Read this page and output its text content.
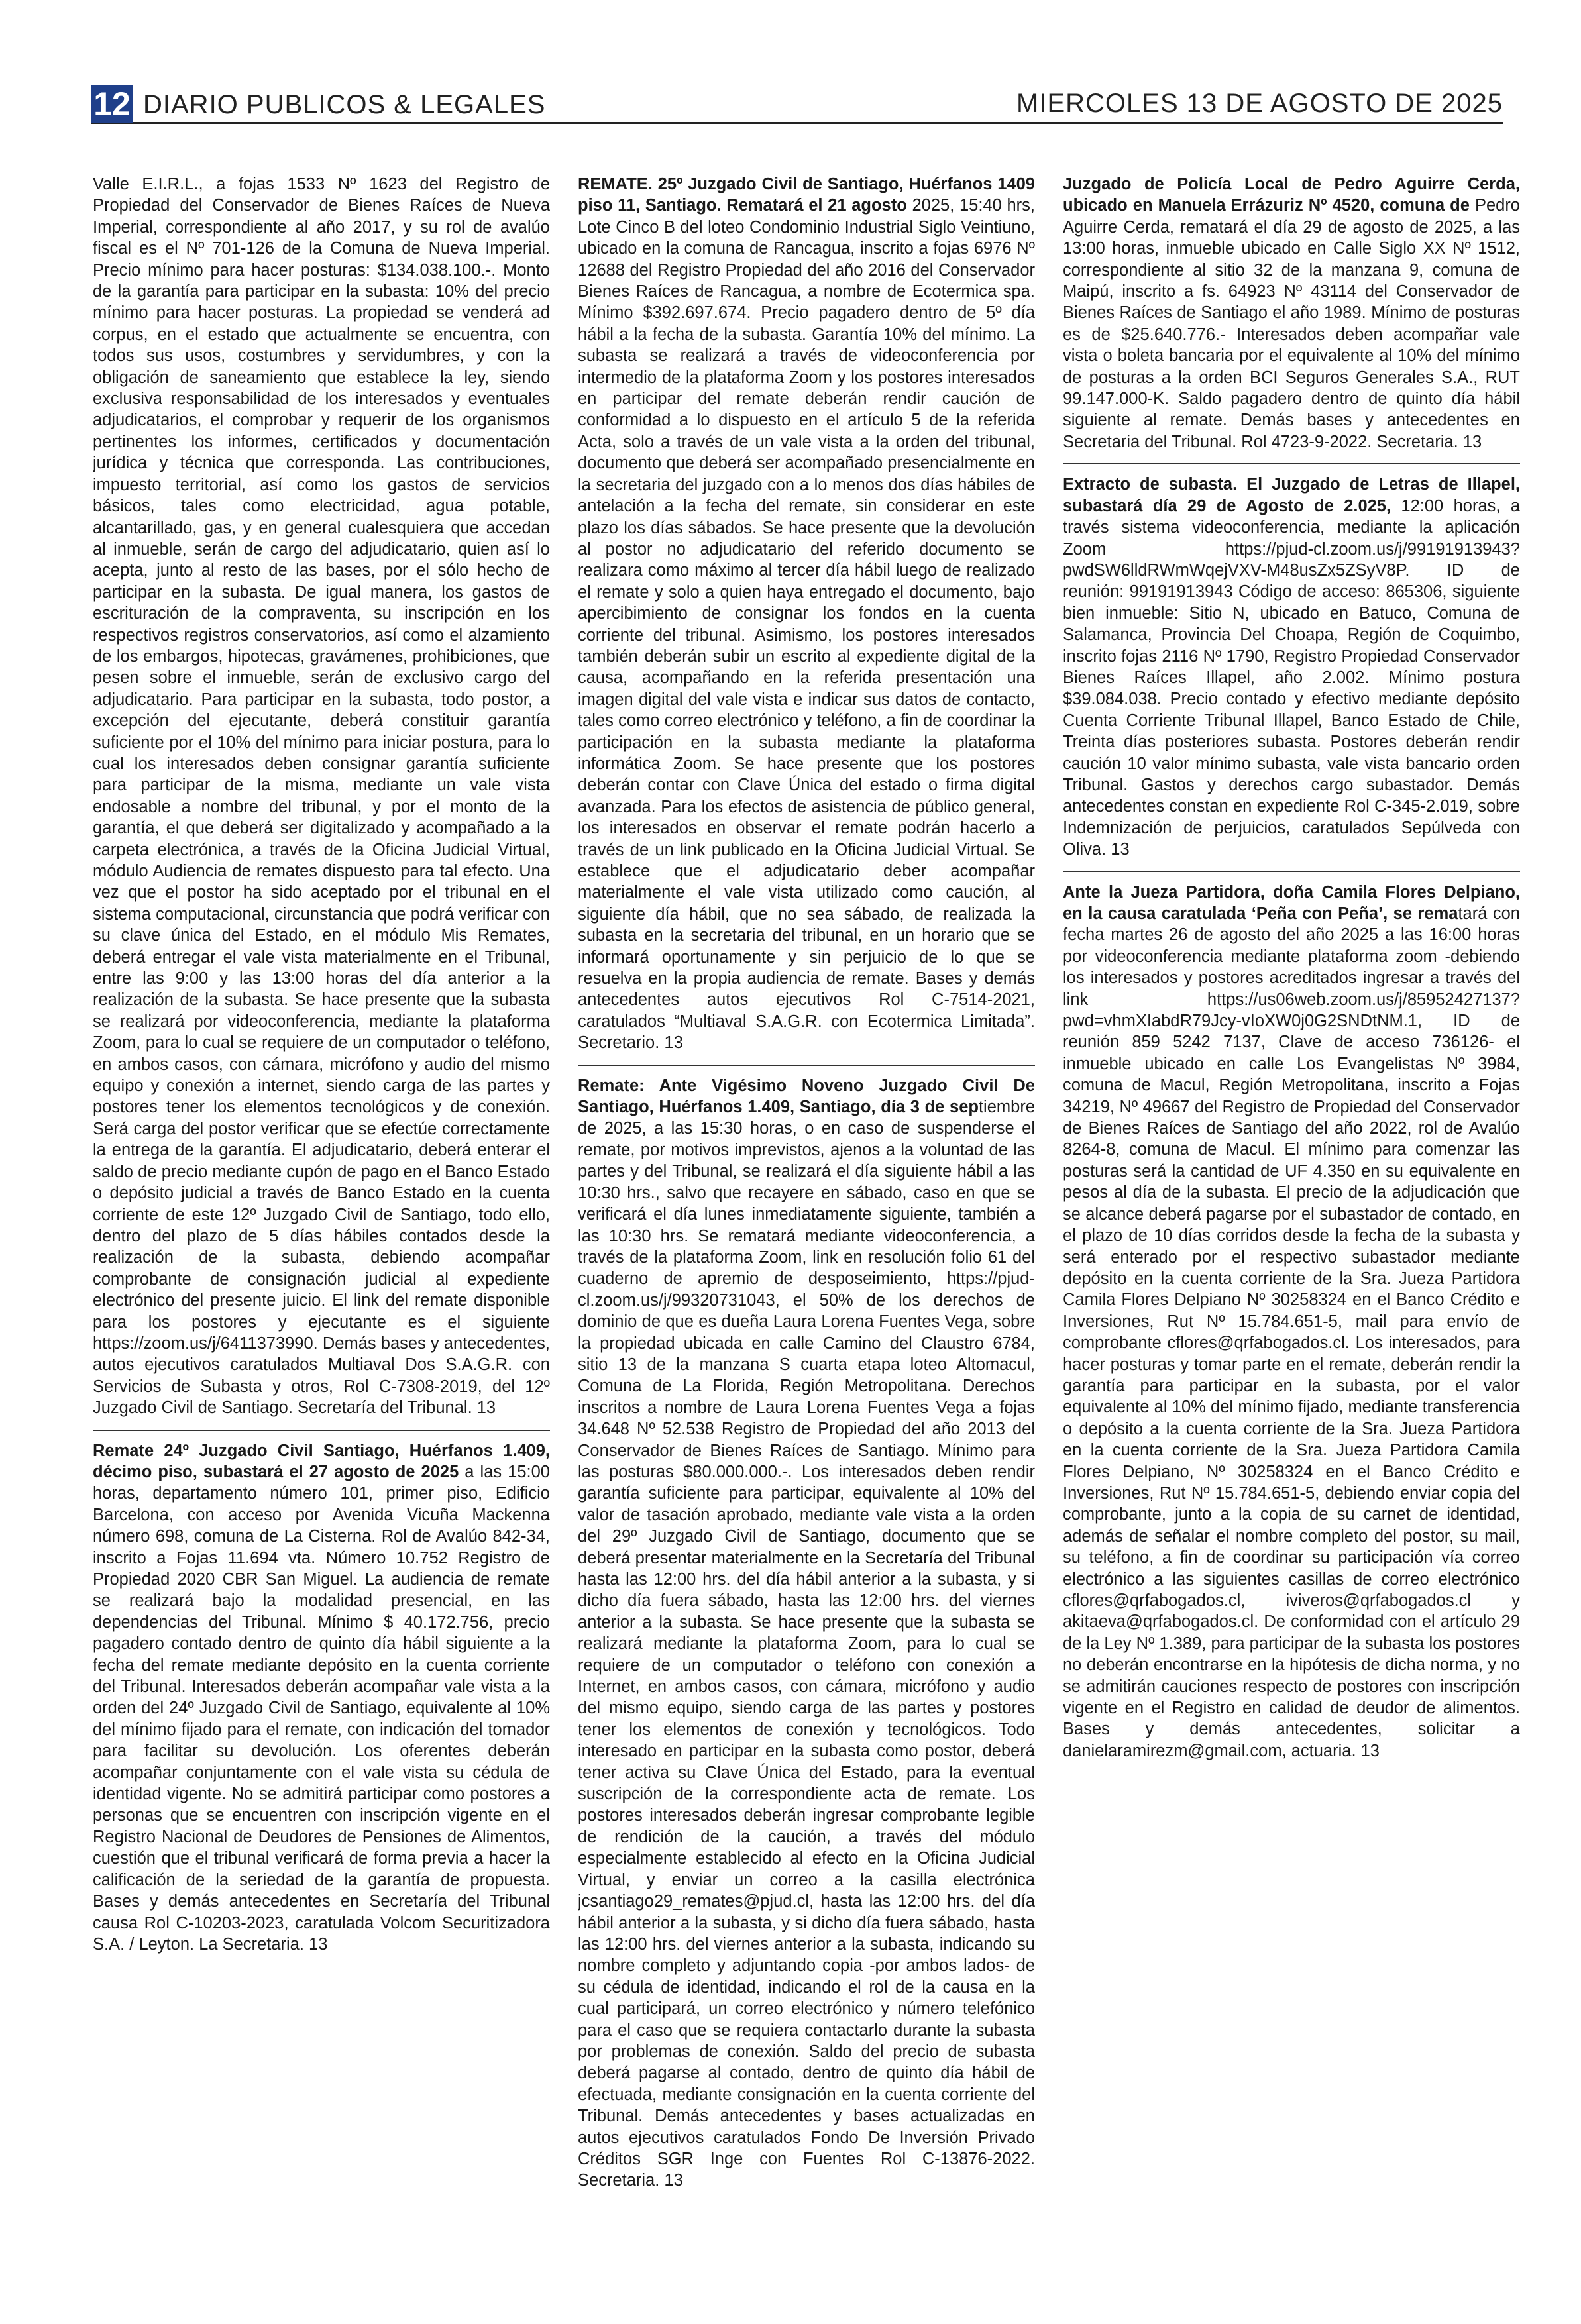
12 DIARIO PUBLICOS & LEGALES	MIERCOLES 13 DE AGOSTO DE 2025

Valle E.I.R.L., a fojas 1533 Nº 1623 del Registro de Propiedad del Conservador de Bienes Raíces de Nueva Imperial, correspondiente al año 2017, y su rol de avalúo fiscal es el Nº 701-126 de la Comuna de Nueva Imperial. Precio mínimo para hacer posturas: $134.038.100.-. Monto de la garantía para participar en la subasta: 10% del precio mínimo para hacer posturas. La propiedad se venderá ad corpus, en el estado que actualmente se encuentra, con todos sus usos, costumbres y servidumbres, y con la obligación de saneamiento que establece la ley, siendo exclusiva responsabilidad de los interesados y eventuales adjudicatarios, el comprobar y requerir de los organismos pertinentes los informes, certificados y documentación jurídica y técnica que corresponda. Las contribuciones, impuesto territorial, así como los gastos de servicios básicos, tales como electricidad, agua potable, alcantarillado, gas, y en general cualesquiera que accedan al inmueble, serán de cargo del adjudicatario, quien así lo acepta, junto al resto de las bases, por el sólo hecho de participar en la subasta. De igual manera, los gastos de escrituración de la compraventa, su inscripción en los respectivos registros conservatorios, así como el alzamiento de los embargos, hipotecas, gravámenes, prohibiciones, que pesen sobre el inmueble, serán de exclusivo cargo del adjudicatario. Para participar en la subasta, todo postor, a excepción del ejecutante, deberá constituir garantía suficiente por el 10% del mínimo para iniciar postura, para lo cual los interesados deben consignar garantía suficiente para participar de la misma, mediante un vale vista endosable a nombre del tribunal, y por el monto de la garantía, el que deberá ser digitalizado y acompañado a la carpeta electrónica, a través de la Oficina Judicial Virtual, módulo Audiencia de remates dispuesto para tal efecto. Una vez que el postor ha sido aceptado por el tribunal en el sistema computacional, circunstancia que podrá verificar con su clave única del Estado, en el módulo Mis Remates, deberá entregar el vale vista materialmente en el Tribunal, entre las 9:00 y las 13:00 horas del día anterior a la realización de la subasta. Se hace presente que la subasta se realizará por videoconferencia, mediante la plataforma Zoom, para lo cual se requiere de un computador o teléfono, en ambos casos, con cámara, micrófono y audio del mismo equipo y conexión a internet, siendo carga de las partes y postores tener los elementos tecnológicos y de conexión. Será carga del postor verificar que se efectúe correctamente la entrega de la garantía. El adjudicatario, deberá enterar el saldo de precio mediante cupón de pago en el Banco Estado o depósito judicial a través de Banco Estado en la cuenta corriente de este 12º Juzgado Civil de Santiago, todo ello, dentro del plazo de 5 días hábiles contados desde la realización de la subasta, debiendo acompañar comprobante de consignación judicial al expediente electrónico del presente juicio. El link del remate disponible para los postores y ejecutante es el siguiente https://zoom.us/j/6411373990. Demás bases y antecedentes, autos ejecutivos caratulados Multiaval Dos S.A.G.R. con Servicios de Subasta y otros, Rol C-7308-2019, del 12º Juzgado Civil de Santiago. Secretaría del Tribunal. 13

Remate 24º Juzgado Civil Santiago, Huérfanos 1.409, décimo piso, subastará el 27 agosto de 2025 a las 15:00 horas, departamento número 101, primer piso, Edificio Barcelona, con acceso por Avenida Vicuña Mackenna número 698, comuna de La Cisterna. Rol de Avalúo 842-34, inscrito a Fojas 11.694 vta. Número 10.752 Registro de Propiedad 2020 CBR San Miguel. La audiencia de remate se realizará bajo la modalidad presencial, en las dependencias del Tribunal. Mínimo $ 40.172.756, precio pagadero contado dentro de quinto día hábil siguiente a la fecha del remate mediante depósito en la cuenta corriente del Tribunal. Interesados deberán acompañar vale vista a la orden del 24º Juzgado Civil de Santiago, equivalente al 10% del mínimo fijado para el remate, con indicación del tomador para facilitar su devolución. Los oferentes deberán acompañar conjuntamente con el vale vista su cédula de identidad vigente. No se admitirá participar como postores a personas que se encuentren con inscripción vigente en el Registro Nacional de Deudores de Pensiones de Alimentos, cuestión que el tribunal verificará de forma previa a hacer la calificación de la seriedad de la garantía de propuesta. Bases y demás antecedentes en Secretaría del Tribunal causa Rol C-10203-2023, caratulada Volcom Securitizadora S.A. / Leyton. La Secretaria. 13

REMATE. 25º Juzgado Civil de Santiago, Huérfanos 1409 piso 11, Santiago. Rematará el 21 agosto 2025, 15:40 hrs, Lote Cinco B del loteo Condominio Industrial Siglo Veintiuno, ubicado en la comuna de Rancagua, inscrito a fojas 6976 Nº 12688 del Registro Propiedad del año 2016 del Conservador Bienes Raíces de Rancagua, a nombre de Ecotermica spa. Mínimo $392.697.674. Precio pagadero dentro de 5º día hábil a la fecha de la subasta. Garantía 10% del mínimo. La subasta se realizará a través de videoconferencia por intermedio de la plataforma Zoom y los postores interesados en participar del remate deberán rendir caución de conformidad a lo dispuesto en el artículo 5 de la referida Acta, solo a través de un vale vista a la orden del tribunal, documento que deberá ser acompañado presencialmente en la secretaria del juzgado con a lo menos dos días hábiles de antelación a la fecha del remate, sin considerar en este plazo los días sábados. Se hace presente que la devolución al postor no adjudicatario del referido documento se realizara como máximo al tercer día hábil luego de realizado el remate y solo a quien haya entregado el documento, bajo apercibimiento de consignar los fondos en la cuenta corriente del tribunal. Asimismo, los postores interesados también deberán subir un escrito al expediente digital de la causa, acompañando en la referida presentación una imagen digital del vale vista e indicar sus datos de contacto, tales como correo electrónico y teléfono, a fin de coordinar la participación en la subasta mediante la plataforma informática Zoom. Se hace presente que los postores deberán contar con Clave Única del estado o firma digital avanzada. Para los efectos de asistencia de público general, los interesados en observar el remate podrán hacerlo a través de un link publicado en la Oficina Judicial Virtual. Se establece que el adjudicatario deber acompañar materialmente el vale vista utilizado como caución, al siguiente día hábil, que no sea sábado, de realizada la subasta en la secretaria del tribunal, en un horario que se informará oportunamente y sin perjuicio de lo que se resuelva en la propia audiencia de remate. Bases y demás antecedentes autos ejecutivos Rol C-7514-2021, caratulados “Multiaval S.A.G.R. con Ecotermica Limitada”. Secretario. 13

Remate: Ante Vigésimo Noveno Juzgado Civil De Santiago, Huérfanos 1.409, Santiago, día 3 de septiembre de 2025, a las 15:30 horas, o en caso de suspenderse el remate, por motivos imprevistos, ajenos a la voluntad de las partes y del Tribunal, se realizará el día siguiente hábil a las 10:30 hrs., salvo que recayere en sábado, caso en que se verificará el día lunes inmediatamente siguiente, también a las 10:30 hrs. Se rematará mediante videoconferencia, a través de la plataforma Zoom, link en resolución folio 61 del cuaderno de apremio de desposeimiento, https://pjud-cl.zoom.us/j/99320731043, el 50% de los derechos de dominio de que es dueña Laura Lorena Fuentes Vega, sobre la propiedad ubicada en calle Camino del Claustro 6784, sitio 13 de la manzana S cuarta etapa loteo Altomacul, Comuna de La Florida, Región Metropolitana. Derechos inscritos a nombre de Laura Lorena Fuentes Vega a fojas 34.648 Nº 52.538 Registro de Propiedad del año 2013 del Conservador de Bienes Raíces de Santiago. Mínimo para las posturas $80.000.000.-. Los interesados deben rendir garantía suficiente para participar, equivalente al 10% del valor de tasación aprobado, mediante vale vista a la orden del 29º Juzgado Civil de Santiago, documento que se deberá presentar materialmente en la Secretaría del Tribunal hasta las 12:00 hrs. del día hábil anterior a la subasta, y si dicho día fuera sábado, hasta las 12:00 hrs. del viernes anterior a la subasta. Se hace presente que la subasta se realizará mediante la plataforma Zoom, para lo cual se requiere de un computador o teléfono con conexión a Internet, en ambos casos, con cámara, micrófono y audio del mismo equipo, siendo carga de las partes y postores tener los elementos de conexión y tecnológicos. Todo interesado en participar en la subasta como postor, deberá tener activa su Clave Única del Estado, para la eventual suscripción de la correspondiente acta de remate. Los postores interesados deberán ingresar comprobante legible de rendición de la caución, a través del módulo especialmente establecido al efecto en la Oficina Judicial Virtual, y enviar un correo a la casilla electrónica jcsantiago29_remates@pjud.cl, hasta las 12:00 hrs. del día hábil anterior a la subasta, y si dicho día fuera sábado, hasta las 12:00 hrs. del viernes anterior a la subasta, indicando su nombre completo y adjuntando copia -por ambos lados- de su cédula de identidad, indicando el rol de la causa en la cual participará, un correo electrónico y número telefónico para el caso que se requiera contactarlo durante la subasta por problemas de conexión. Saldo del precio de subasta deberá pagarse al contado, dentro de quinto día hábil de efectuada, mediante consignación en la cuenta corriente del Tribunal. Demás antecedentes y bases actualizadas en autos ejecutivos caratulados Fondo De Inversión Privado Créditos SGR Inge con Fuentes Rol C-13876-2022. Secretaria. 13

Juzgado de Policía Local de Pedro Aguirre Cerda, ubicado en Manuela Errázuriz Nº 4520, comuna de Pedro Aguirre Cerda, rematará el día 29 de agosto de 2025, a las 13:00 horas, inmueble ubicado en Calle Siglo XX Nº 1512, correspondiente al sitio 32 de la manzana 9, comuna de Maipú, inscrito a fs. 64923 Nº 43114 del Conservador de Bienes Raíces de Santiago el año 1989. Mínimo de posturas es de $25.640.776.- Interesados deben acompañar vale vista o boleta bancaria por el equivalente al 10% del mínimo de posturas a la orden BCI Seguros Generales S.A., RUT 99.147.000-K. Saldo pagadero dentro de quinto día hábil siguiente al remate. Demás bases y antecedentes en Secretaria del Tribunal. Rol 4723-9-2022. Secretaria. 13

Extracto de subasta. El Juzgado de Letras de Illapel, subastará día 29 de Agosto de 2.025, 12:00 horas, a través sistema videoconferencia, mediante la aplicación Zoom https://pjud-cl.zoom.us/j/99191913943?pwdSW6lldRWmWqejVXV-M48usZx5ZSyV8P. ID de reunión: 99191913943 Código de acceso: 865306, siguiente bien inmueble: Sitio N, ubicado en Batuco, Comuna de Salamanca, Provincia Del Choapa, Región de Coquimbo, inscrito fojas 2116 Nº 1790, Registro Propiedad Conservador Bienes Raíces Illapel, año 2.002. Mínimo postura $39.084.038. Precio contado y efectivo mediante depósito Cuenta Corriente Tribunal Illapel, Banco Estado de Chile, Treinta días posteriores subasta. Postores deberán rendir caución 10 valor mínimo subasta, vale vista bancario orden Tribunal. Gastos y derechos cargo subastador. Demás antecedentes constan en expediente Rol C-345-2.019, sobre Indemnización de perjuicios, caratulados Sepúlveda con Oliva. 13

Ante la Jueza Partidora, doña Camila Flores Delpiano, en la causa caratulada ‘Peña con Peña’, se rematará con fecha martes 26 de agosto del año 2025 a las 16:00 horas por videoconferencia mediante plataforma zoom -debiendo los interesados y postores acreditados ingresar a través del link https://us06web.zoom.us/j/85952427137?pwd=vhmXIabdR79Jcy-vIoXW0j0G2SNDtNM.1, ID de reunión 859 5242 7137, Clave de acceso 736126- el inmueble ubicado en calle Los Evangelistas Nº 3984, comuna de Macul, Región Metropolitana, inscrito a Fojas 34219, Nº 49667 del Registro de Propiedad del Conservador de Bienes Raíces de Santiago del año 2022, rol de Avalúo 8264-8, comuna de Macul. El mínimo para comenzar las posturas será la cantidad de UF 4.350 en su equivalente en pesos al día de la subasta. El precio de la adjudicación que se alcance deberá pagarse por el subastador de contado, en el plazo de 10 días corridos desde la fecha de la subasta y será enterado por el respectivo subastador mediante depósito en la cuenta corriente de la Sra. Jueza Partidora Camila Flores Delpiano Nº 30258324 en el Banco Crédito e Inversiones, Rut Nº 15.784.651-5, mail para envío de comprobante cflores@qrfabogados.cl. Los interesados, para hacer posturas y tomar parte en el remate, deberán rendir la garantía para participar en la subasta, por el valor equivalente al 10% del mínimo fijado, mediante transferencia o depósito a la cuenta corriente de la Sra. Jueza Partidora en la cuenta corriente de la Sra. Jueza Partidora Camila Flores Delpiano, Nº 30258324 en el Banco Crédito e Inversiones, Rut Nº 15.784.651-5, debiendo enviar copia del comprobante, junto a la copia de su carnet de identidad, además de señalar el nombre completo del postor, su mail, su teléfono, a fin de coordinar su participación vía correo electrónico a las siguientes casillas de correo electrónico cflores@qrfabogados.cl, iviveros@qrfabogados.cl y akitaeva@qrfabogados.cl. De conformidad con el artículo 29 de la Ley Nº 1.389, para participar de la subasta los postores no deberán encontrarse en la hipótesis de dicha norma, y no se admitirán cauciones respecto de postores con inscripción vigente en el Registro en calidad de deudor de alimentos. Bases y demás antecedentes, solicitar a danielaramirezm@gmail.com, actuaria. 13
